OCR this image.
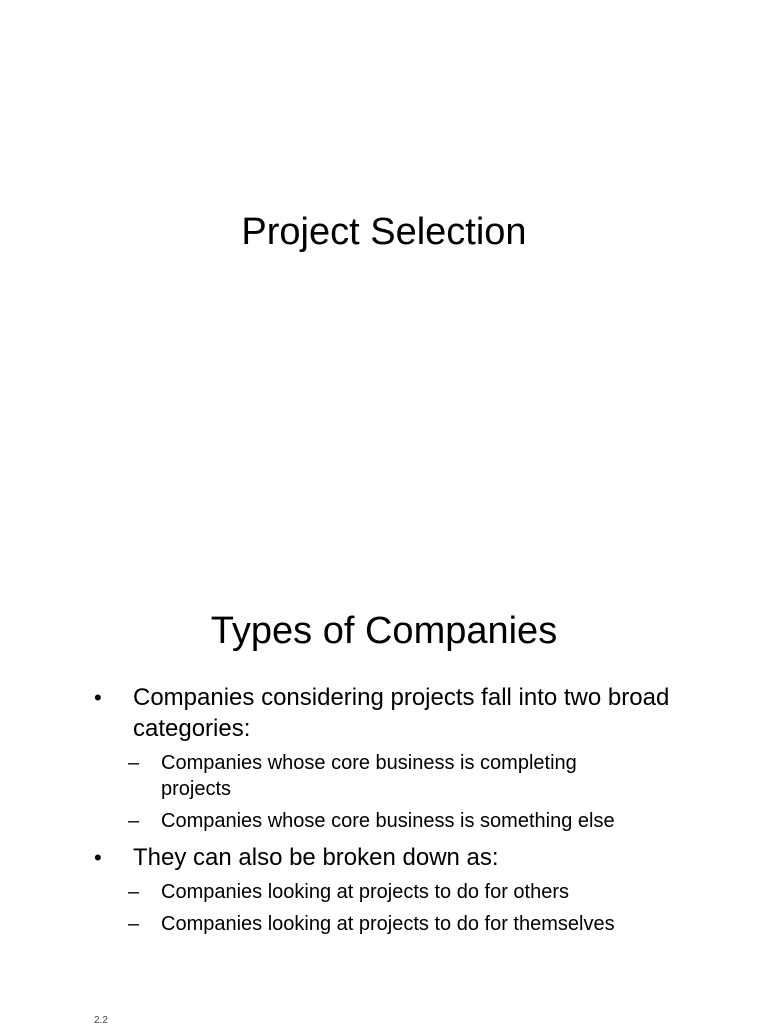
Project Selection
Types of Companies
• Companies considering projects fall into two broad categories:
– Companies whose core business is completing projects
– Companies whose core business is something else
• They can also be broken down as:
– Companies looking at projects to do for others
– Companies looking at projects to do for themselves
2.2
